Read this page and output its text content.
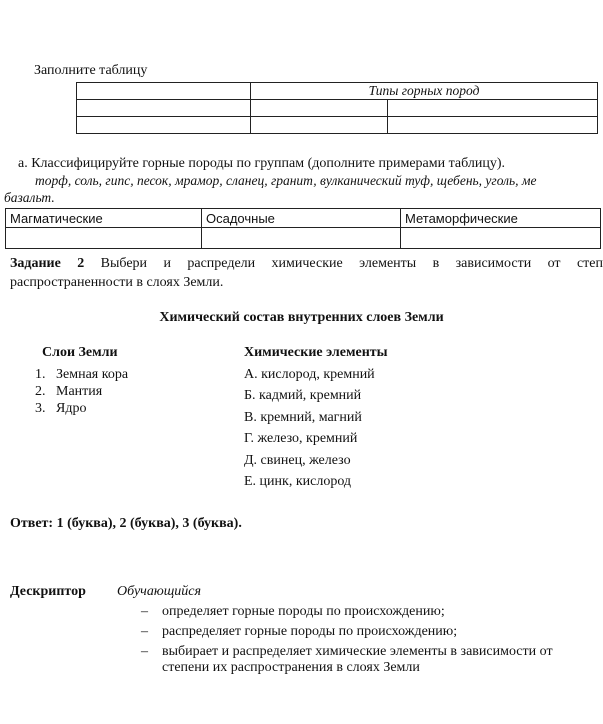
Заполните таблицу
	Типы горных пород	

a. Классифицируйте горные породы по группам (дополните примерами таблицу).
торф, соль, гипс, песок, мрамор, сланец, гранит, вулканический туф, щебень, уголь, ме
базальт.
Магматические	Осадочные	Метаморфические

Задание 2 Выбери и распредели химические элементы в зависимости от степ
распространенности в слоях Земли.
Химический состав внутренних слоев Земли
Слои Земли
1.   Земная кора
2.   Мантия
3.   Ядро
Химические элементы
А. кислород, кремний
Б. кадмий, кремний
В. кремний, магний
Г. железо, кремний
Д. свинец, железо
Е. цинк, кислород
Ответ: 1 (буква), 2 (буква), 3 (буква).
Дескриптор Обучающийся
– определяет горные породы по происхождению;
– распределяет горные породы по происхождению;
– выбирает и распределяет химические элементы в зависимости от
степени их распространения в слоях Земли
